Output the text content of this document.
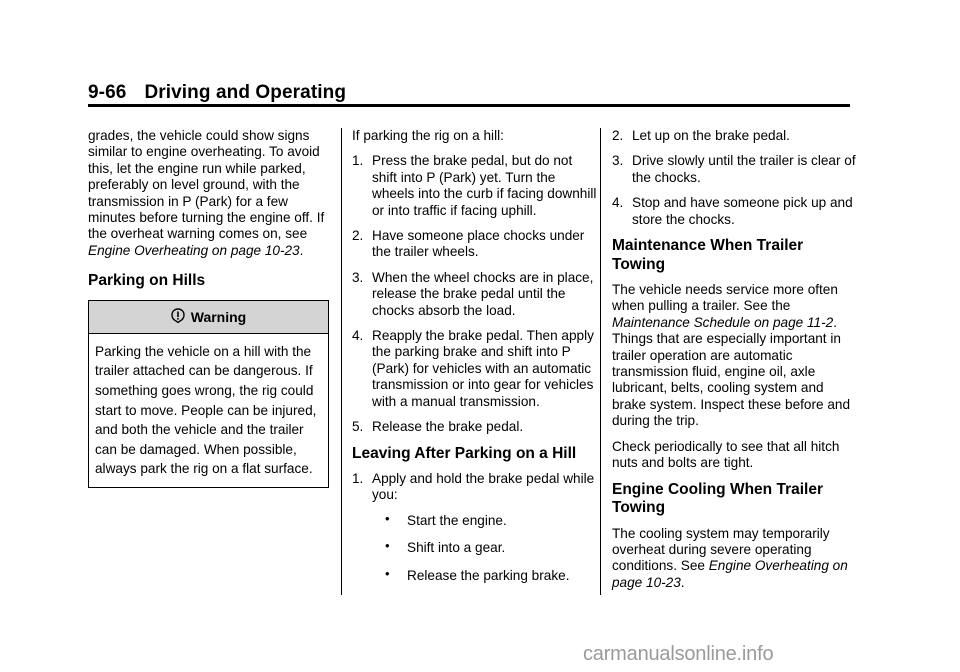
9-66 Driving and Operating

grades, the vehicle could show signs similar to engine overheating. To avoid this, let the engine run while parked, preferably on level ground, with the transmission in P (Park) for a few minutes before turning the engine off. If the overheat warning comes on, see Engine Overheating on page 10-23.

Parking on Hills
Warning
Parking the vehicle on a hill with the trailer attached can be dangerous. If something goes wrong, the rig could start to move. People can be injured, and both the vehicle and the trailer can be damaged. When possible, always park the rig on a flat surface.

If parking the rig on a hill:

1. Press the brake pedal, but do not shift into P (Park) yet. Turn the wheels into the curb if facing downhill or into traffic if facing uphill.
2. Have someone place chocks under the trailer wheels.
3. When the wheel chocks are in place, release the brake pedal until the chocks absorb the load.
4. Reapply the brake pedal. Then apply the parking brake and shift into P (Park) for vehicles with an automatic transmission or into gear for vehicles with a manual transmission.
5. Release the brake pedal.
Leaving After Parking on a Hill
1. Apply and hold the brake pedal while you:
• Start the engine.
• Shift into a gear.
• Release the parking brake.
2. Let up on the brake pedal.
3. Drive slowly until the trailer is clear of the chocks.
4. Stop and have someone pick up and store the chocks.
Maintenance When Trailer Towing

The vehicle needs service more often when pulling a trailer. See the Maintenance Schedule on page 11-2. Things that are especially important in trailer operation are automatic transmission fluid, engine oil, axle lubricant, belts, cooling system and brake system. Inspect these before and during the trip.

Check periodically to see that all hitch nuts and bolts are tight.

Engine Cooling When Trailer Towing

The cooling system may temporarily overheat during severe operating conditions. See Engine Overheating on page 10-23.

carmanualsonline.info
